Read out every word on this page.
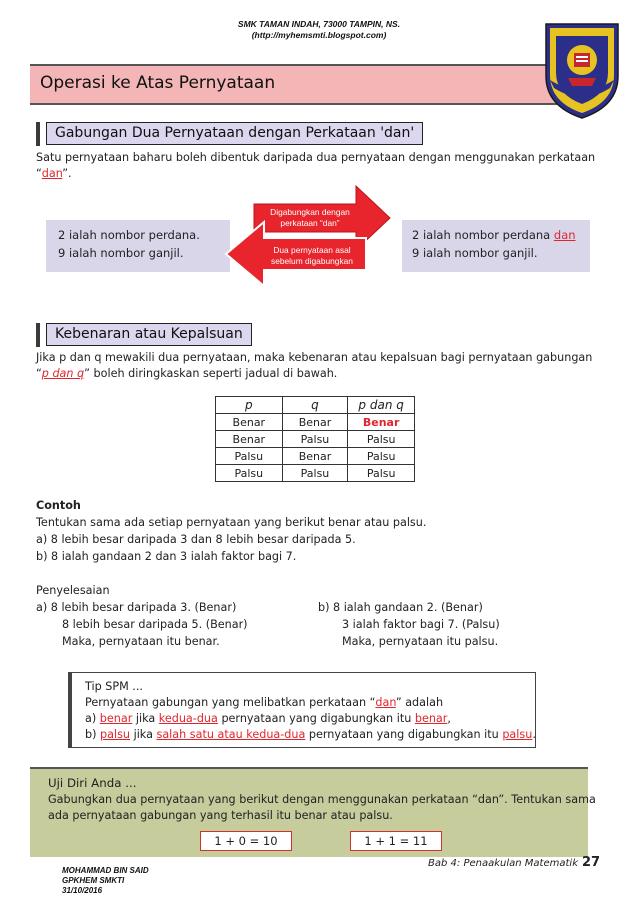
SMK TAMAN INDAH, 73000 TAMPIN, NS.
(http://myhemsmti.blogspot.com)
Operasi ke Atas Pernyataan
Gabungan Dua Pernyataan dengan Perkataan 'dan'
Satu pernyataan baharu boleh dibentuk daripada dua pernyataan dengan menggunakan perkataan
“dan”.
2 ialah nombor perdana.
9 ialah nombor ganjil.
2 ialah nombor perdana dan
9 ialah nombor ganjil.
Digabungkan dengan perkataan “dan”
Dua pernyataan asal sebelum digabungkan
Kebenaran atau Kepalsuan
Jika p dan q mewakili dua pernyataan, maka kebenaran atau kepalsuan bagi pernyataan gabungan
“p dan q” boleh diringkaskan seperti jadual di bawah.
p	q	p dan q
Benar	Benar	Benar
Benar	Palsu	Palsu
Palsu	Benar	Palsu
Palsu	Palsu	Palsu
Contoh
Tentukan sama ada setiap pernyataan yang berikut benar atau palsu.
a) 8 lebih besar daripada 3 dan 8 lebih besar daripada 5.
b) 8 ialah gandaan 2 dan 3 ialah faktor bagi 7.
Penyelesaian
a) 8 lebih besar daripada 3. (Benar)
8 lebih besar daripada 5. (Benar)
Maka, pernyataan itu benar.
b) 8 ialah gandaan 2. (Benar)
3 ialah faktor bagi 7. (Palsu)
Maka, pernyataan itu palsu.
Tip SPM ...
Pernyataan gabungan yang melibatkan perkataan “dan” adalah
a) benar jika kedua-dua pernyataan yang digabungkan itu benar,
b) palsu jika salah satu atau kedua-dua pernyataan yang digabungkan itu palsu.
Uji Diri Anda ...
Gabungkan dua pernyataan yang berikut dengan menggunakan perkataan “dan”. Tentukan sama
ada pernyataan gabungan yang terhasil itu benar atau palsu.
1 + 0 = 10	1 + 1 = 11
MOHAMMAD BIN SAID
GPKHEM SMKTI
31/10/2016
Bab 4: Penaakulan Matematik 27
